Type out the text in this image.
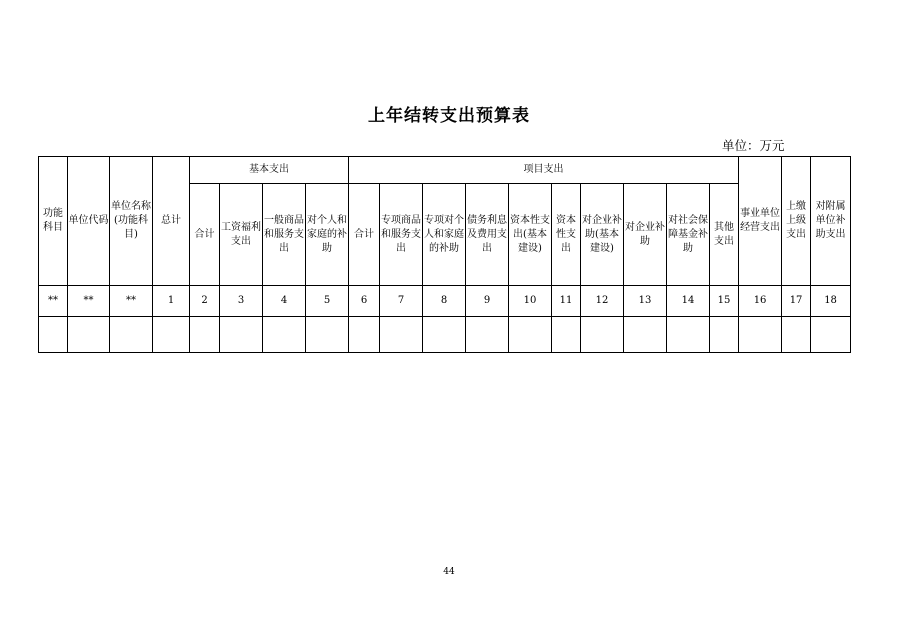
上年结转支出预算表
单位：万元
功能科目	单位代码	单位名称(功能科目)	总计	基本支出				项目支出										事业单位经营支出	上缴上级支出	对附属单位补助支出
				合计	工资福利支出	一般商品和服务支出	对个人和家庭的补助	合计	专项商品和服务支出	专项对个人和家庭的补助	债务利息及费用支出	资本性支出(基本建设)	资本性支出	对企业补助(基本建设)	对企业补助	对社会保障基金补助	其他支出			
**	**	**	1	2	3	4	5	6	7	8	9	10	11	12	13	14	15	16	17	18

44
